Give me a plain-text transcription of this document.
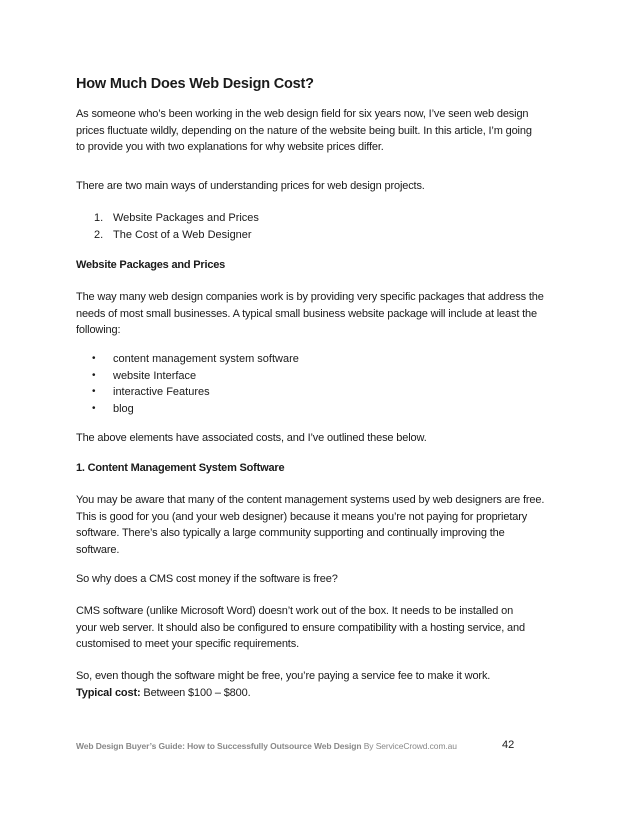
How Much Does Web Design Cost?
As someone who’s been working in the web design field for six years now, I’ve seen web design
prices fluctuate wildly, depending on the nature of the website being built. In this article, I’m going
to provide you with two explanations for why website prices differ.
There are two main ways of understanding prices for web design projects.
1. Website Packages and Prices
2. The Cost of a Web Designer
Website Packages and Prices
The way many web design companies work is by providing very specific packages that address the
needs of most small businesses. A typical small business website package will include at least the
following:
• content management system software
• website Interface
• interactive Features
• blog
The above elements have associated costs, and I’ve outlined these below.
1. Content Management System Software
You may be aware that many of the content management systems used by web designers are free.
This is good for you (and your web designer) because it means you’re not paying for proprietary
software. There’s also typically a large community supporting and continually improving the
software.
So why does a CMS cost money if the software is free?
CMS software (unlike Microsoft Word) doesn’t work out of the box. It needs to be installed on
your web server. It should also be configured to ensure compatibility with a hosting service, and
customised to meet your specific requirements.
So, even though the software might be free, you’re paying a service fee to make it work.
Typical cost: Between $100 – $800.
Web Design Buyer’s Guide: How to Successfully Outsource Web Design By ServiceCrowd.com.au	42
